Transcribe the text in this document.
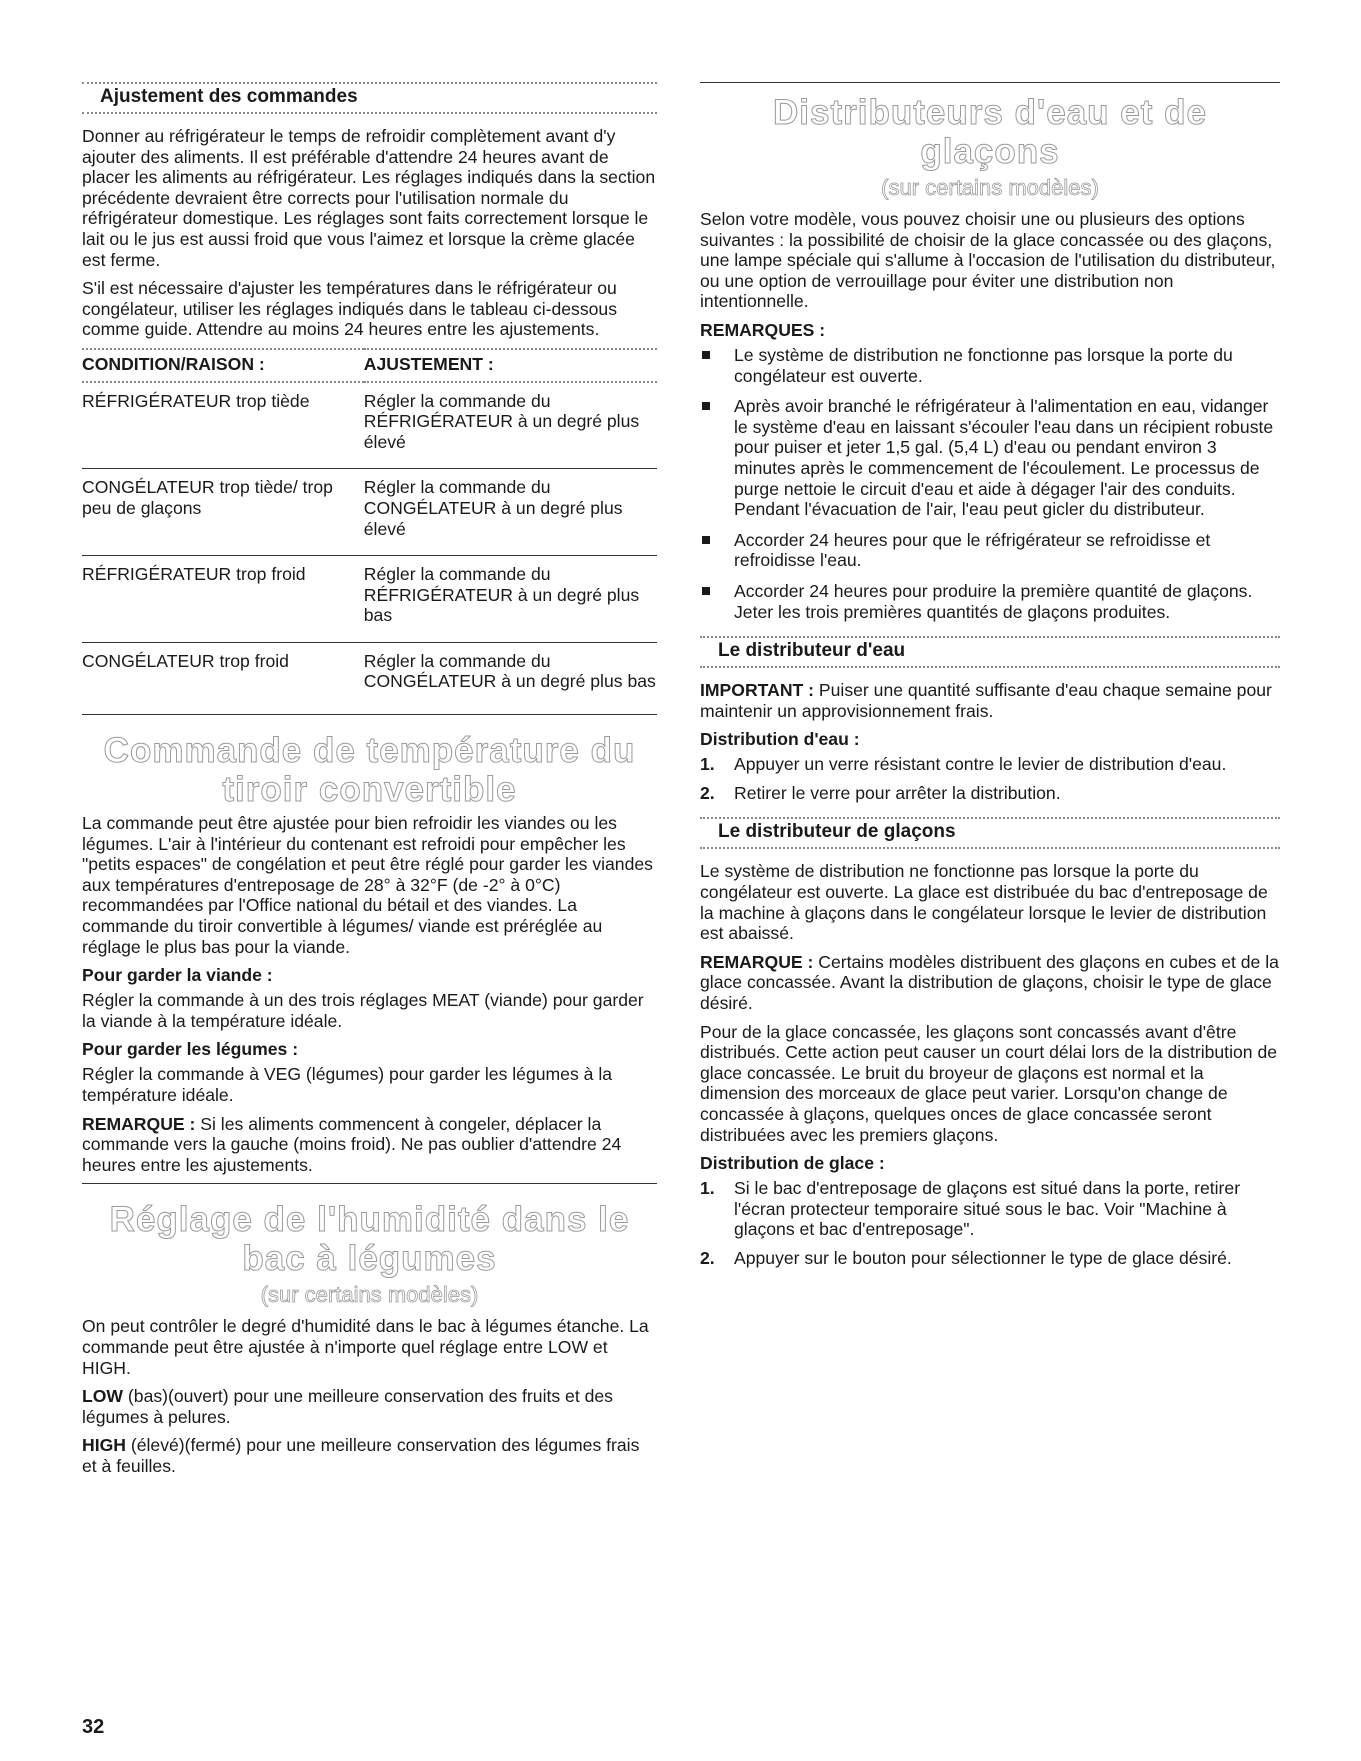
Ajustement des commandes

Donner au réfrigérateur le temps de refroidir complètement avant d'y ajouter des aliments. Il est préférable d'attendre 24 heures avant de placer les aliments au réfrigérateur. Les réglages indiqués dans la section précédente devraient être corrects pour l'utilisation normale du réfrigérateur domestique. Les réglages sont faits correctement lorsque le lait ou le jus est aussi froid que vous l'aimez et lorsque la crème glacée est ferme.

S'il est nécessaire d'ajuster les températures dans le réfrigérateur ou congélateur, utiliser les réglages indiqués dans le tableau ci-dessous comme guide. Attendre au moins 24 heures entre les ajustements.

CONDITION/RAISON :	AJUSTEMENT :
RÉFRIGÉRATEUR trop tiède	Régler la commande du RÉFRIGÉRATEUR à un degré plus élevé
CONGÉLATEUR trop tiède/ trop peu de glaçons	Régler la commande du CONGÉLATEUR à un degré plus élevé
RÉFRIGÉRATEUR trop froid	Régler la commande du RÉFRIGÉRATEUR à un degré plus bas
CONGÉLATEUR trop froid	Régler la commande du CONGÉLATEUR à un degré plus bas
Commande de température du tiroir convertible

La commande peut être ajustée pour bien refroidir les viandes ou les légumes. L'air à l'intérieur du contenant est refroidi pour empêcher les "petits espaces" de congélation et peut être réglé pour garder les viandes aux températures d'entreposage de 28° à 32°F (de -2° à 0°C) recommandées par l'Office national du bétail et des viandes. La commande du tiroir convertible à légumes/ viande est préréglée au réglage le plus bas pour la viande.

Pour garder la viande :

Régler la commande à un des trois réglages MEAT (viande) pour garder la viande à la température idéale.

Pour garder les légumes :

Régler la commande à VEG (légumes) pour garder les légumes à la température idéale.

REMARQUE : Si les aliments commencent à congeler, déplacer la commande vers la gauche (moins froid). Ne pas oublier d'attendre 24 heures entre les ajustements.

Réglage de l'humidité dans le bac à légumes
(sur certains modèles)

On peut contrôler le degré d'humidité dans le bac à légumes étanche. La commande peut être ajustée à n'importe quel réglage entre LOW et HIGH.

LOW (bas)(ouvert) pour une meilleure conservation des fruits et des légumes à pelures.

HIGH (élevé)(fermé) pour une meilleure conservation des légumes frais et à feuilles.

Distributeurs d'eau et de glaçons
(sur certains modèles)

Selon votre modèle, vous pouvez choisir une ou plusieurs des options suivantes : la possibilité de choisir de la glace concassée ou des glaçons, une lampe spéciale qui s'allume à l'occasion de l'utilisation du distributeur, ou une option de verrouillage pour éviter une distribution non intentionnelle.

REMARQUES :
Le système de distribution ne fonctionne pas lorsque la porte du congélateur est ouverte.
Après avoir branché le réfrigérateur à l'alimentation en eau, vidanger le système d'eau en laissant s'écouler l'eau dans un récipient robuste pour puiser et jeter 1,5 gal. (5,4 L) d'eau ou pendant environ 3 minutes après le commencement de l'écoulement. Le processus de purge nettoie le circuit d'eau et aide à dégager l'air des conduits. Pendant l'évacuation de l'air, l'eau peut gicler du distributeur.
Accorder 24 heures pour que le réfrigérateur se refroidisse et refroidisse l'eau.
Accorder 24 heures pour produire la première quantité de glaçons. Jeter les trois premières quantités de glaçons produites.
Le distributeur d'eau

IMPORTANT : Puiser une quantité suffisante d'eau chaque semaine pour maintenir un approvisionnement frais.

Distribution d'eau :
1. Appuyer un verre résistant contre le levier de distribution d'eau.
2. Retirer le verre pour arrêter la distribution.
Le distributeur de glaçons

Le système de distribution ne fonctionne pas lorsque la porte du congélateur est ouverte. La glace est distribuée du bac d'entreposage de la machine à glaçons dans le congélateur lorsque le levier de distribution est abaissé.

REMARQUE : Certains modèles distribuent des glaçons en cubes et de la glace concassée. Avant la distribution de glaçons, choisir le type de glace désiré.

Pour de la glace concassée, les glaçons sont concassés avant d'être distribués. Cette action peut causer un court délai lors de la distribution de glace concassée. Le bruit du broyeur de glaçons est normal et la dimension des morceaux de glace peut varier. Lorsqu'on change de concassée à glaçons, quelques onces de glace concassée seront distribuées avec les premiers glaçons.

Distribution de glace :
1. Si le bac d'entreposage de glaçons est situé dans la porte, retirer l'écran protecteur temporaire situé sous le bac. Voir "Machine à glaçons et bac d'entreposage".
2. Appuyer sur le bouton pour sélectionner le type de glace désiré.
32
